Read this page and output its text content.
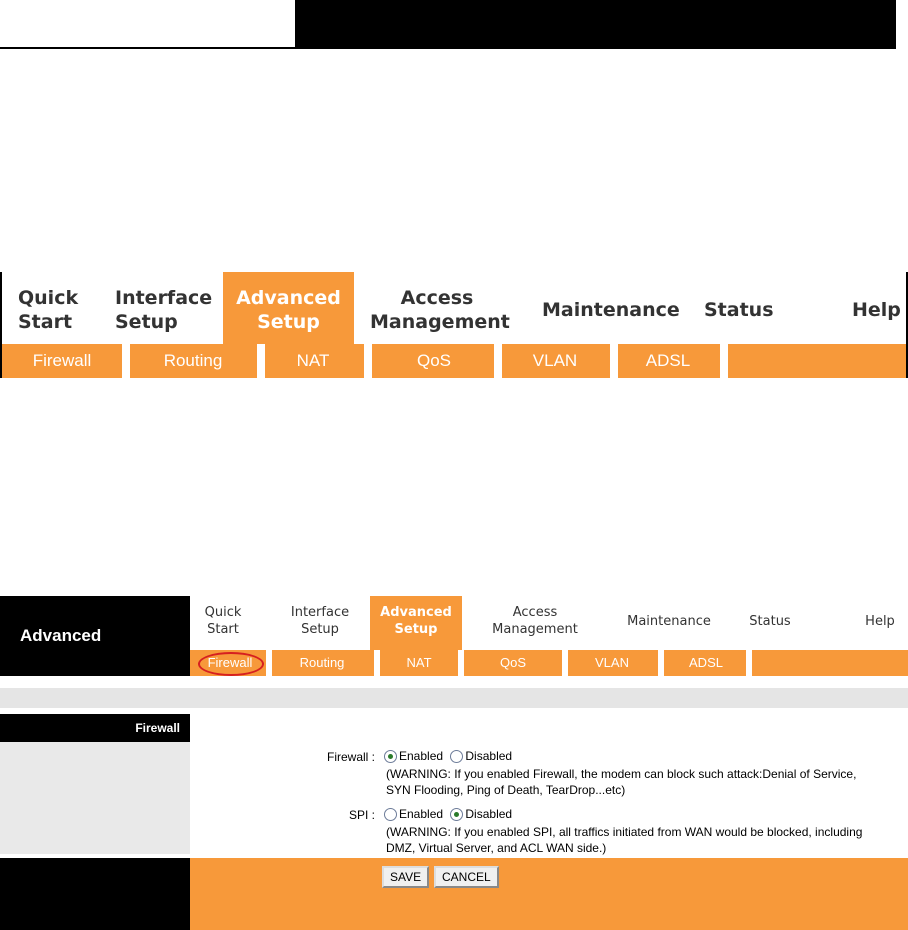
Quick
Start
Interface
Setup
Advanced
Setup
Access
Management
Maintenance Status	Help
Firewall	Routing	NAT	QoS	VLAN	ADSL
Advanced
Quick
Start
Interface
Setup
Advanced
Setup
Access
Management
Maintenance	Status	Help
Firewall	Routing	NAT	QoS	VLAN	ADSL
Firewall
Firewall :	Enabled Disabled
(WARNING: If you enabled Firewall, the modem can block such attack:Denial of Service,
SYN Flooding, Ping of Death, TearDrop...etc)
SPI :	Enabled Disabled
(WARNING: If you enabled SPI, all traffics initiated from WAN would be blocked, including
DMZ, Virtual Server, and ACL WAN side.)
SAVE	CANCEL
